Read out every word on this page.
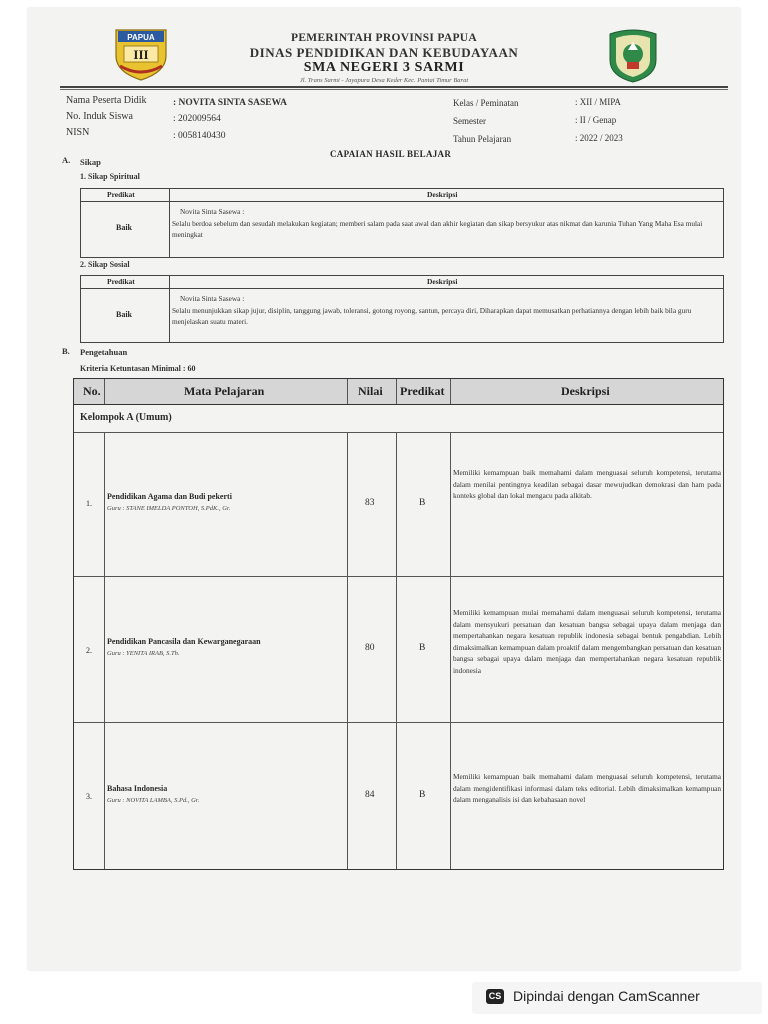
PAPUA
III
PEMERINTAH PROVINSI PAPUA
DINAS PENDIDIKAN DAN KEBUDAYAAN
SMA NEGERI 3 SARMI
Jl. Trans Sarmi - Jayapura Desa Keder Kec. Pantai Timur Barat
Nama Peserta Didik	: NOVITA SINTA SASEWA
No. Induk Siswa	: 202009564
NISN	: 0058140430
Kelas / Peminatan	: XII / MIPA
Semester	: II / Genap
Tahun Pelajaran	: 2022 / 2023
CAPAIAN HASIL BELAJAR
A. Sikap
1. Sikap Spiritual
Predikat	Deskripsi
Baik
Novita Sinta Sasewa :
Selalu berdoa sebelum dan sesudah melakukan kegiatan; memberi salam pada saat awal dan akhir kegiatan dan sikap bersyukur atas nikmat dan karunia Tuhan Yang Maha Esa mulai meningkat
2. Sikap Sosial
Predikat	Deskripsi
Baik
Novita Sinta Sasewa :
Selalu menunjukkan sikap jujur, disiplin, tanggung jawab, toleransi, gotong royong, santun, percaya diri, Diharapkan dapat memusatkan perhatiannya dengan lebih baik bila guru menjelaskan suatu materi.
B. Pengetahuan
Kriteria Ketuntasan Minimal : 60
No.	Mata Pelajaran	Nilai Predikat	Deskripsi
Kelompok A (Umum)
1.
Pendidikan Agama dan Budi pekerti
Guru : STANE IMELDA PONTOH, S.PdK., Gr.
83	B
Memiliki kemampuan baik memahami dalam menguasai seluruh kompetensi, terutama dalam menilai pentingnya keadilan sebagai dasar mewujudkan demokrasi dan ham pada konteks global dan lokal mengacu pada alkitab.
2.
Pendidikan Pancasila dan Kewarganegaraan
Guru : YENITA IRAB, S.Th.
80	B
Memiliki kemampuan mulai memahami dalam menguasai seluruh kompetensi, terutama dalam mensyukuri persatuan dan kesatuan bangsa sebagai upaya dalam menjaga dan mempertahankan negara kesatuan republik indonesia sebagai bentuk pengabdian. Lebih dimaksimalkan kemampuan dalam proaktif dalam mengembangkan persatuan dan kesatuan bangsa sebagai upaya dalam menjaga dan mempertahankan negara kesatuan republik indonesia
3.
Bahasa Indonesia
Guru : NOVITA LAMBA, S.Pd., Gr.
84	B
Memiliki kemampuan baik memahami dalam menguasai seluruh kompetensi, terutama dalam mengidentifikasi informasi dalam teks editorial. Lebih dimaksimalkan kemampuan dalam menganalisis isi dan kebahasaan novel
CS Dipindai dengan CamScanner
